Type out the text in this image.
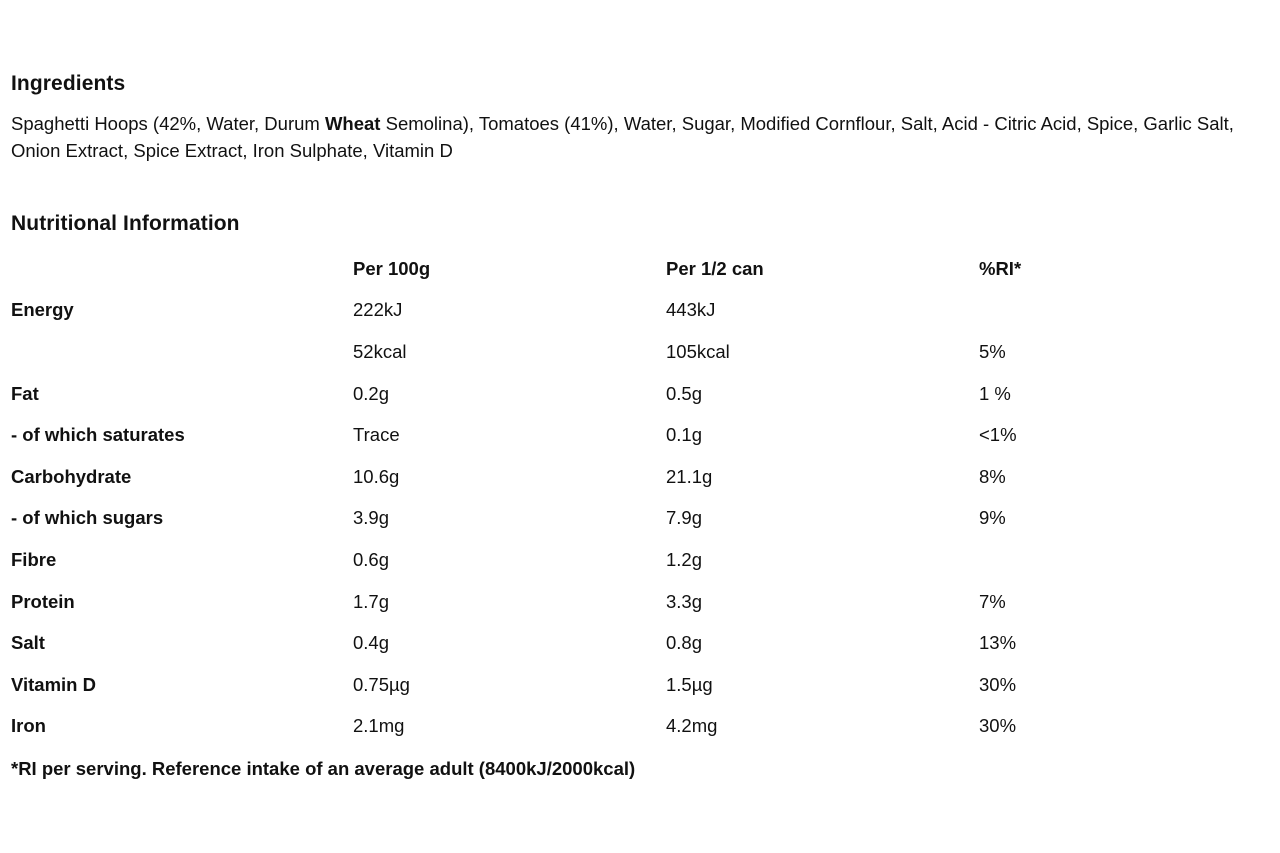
Ingredients
Spaghetti Hoops (42%, Water, Durum Wheat Semolina), Tomatoes (41%), Water, Sugar, Modified Cornflour, Salt, Acid - Citric Acid, Spice, Garlic Salt, Onion Extract, Spice Extract, Iron Sulphate, Vitamin D
Nutritional Information
	Per 100g	Per 1/2 can	%RI*
Energy	222kJ	443kJ	
	52kcal	105kcal	5%
Fat	0.2g	0.5g	1 %
- of which saturates	Trace	0.1g	<1%
Carbohydrate	10.6g	21.1g	8%
- of which sugars	3.9g	7.9g	9%
Fibre	0.6g	1.2g	
Protein	1.7g	3.3g	7%
Salt	0.4g	0.8g	13%
Vitamin D	0.75µg	1.5µg	30%
Iron	2.1mg	4.2mg	30%
*RI per serving. Reference intake of an average adult (8400kJ/2000kcal)
